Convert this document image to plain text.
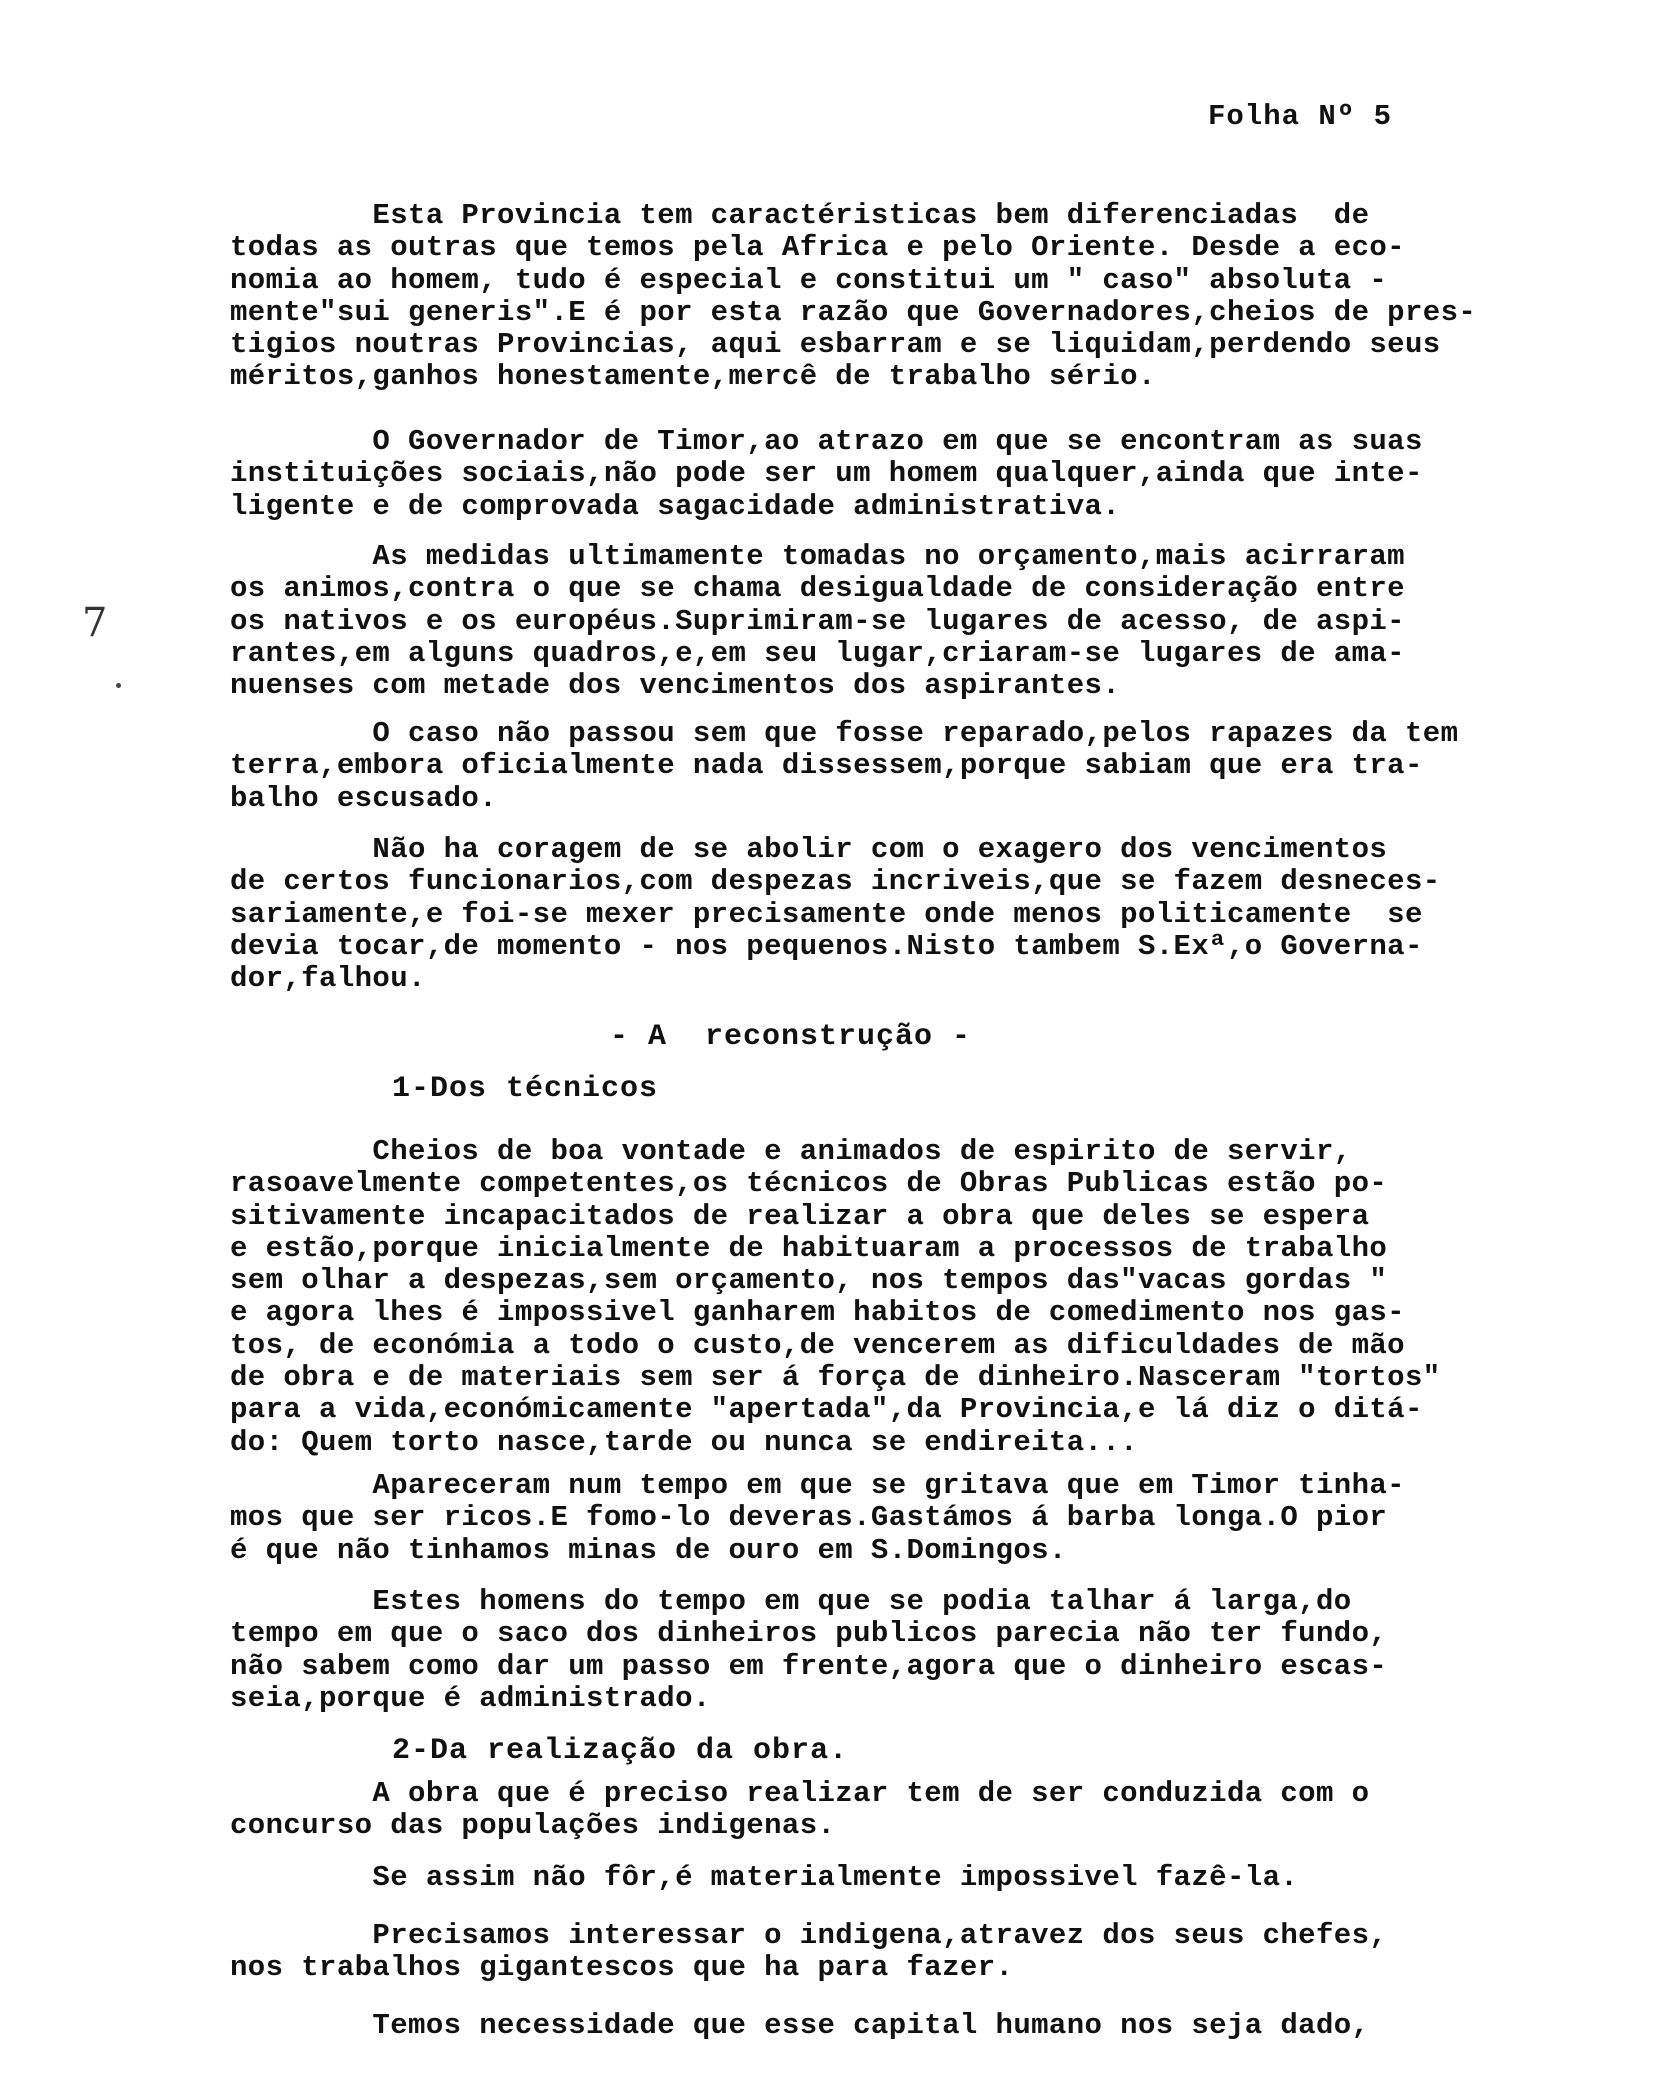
Folha Nº 5
7
Esta Provincia tem caractéristicas bem diferenciadas  de
todas as outras que temos pela Africa e pelo Oriente. Desde a eco-
nomia ao homem, tudo é especial e constitui um " caso" absoluta -
mente"sui generis".E é por esta razão que Governadores,cheios de pres-
tigios noutras Provincias, aqui esbarram e se liquidam,perdendo seus
méritos,ganhos honestamente,mercê de trabalho sério.
O Governador de Timor,ao atrazo em que se encontram as suas
instituições sociais,não pode ser um homem qualquer,ainda que inte-
ligente e de comprovada sagacidade administrativa.
As medidas ultimamente tomadas no orçamento,mais acirraram
os animos,contra o que se chama desigualdade de consideração entre
os nativos e os européus.Suprimiram-se lugares de acesso, de aspi-
rantes,em alguns quadros,e,em seu lugar,criaram-se lugares de ama-
nuenses com metade dos vencimentos dos aspirantes.
O caso não passou sem que fosse reparado,pelos rapazes da tem
terra,embora oficialmente nada dissessem,porque sabiam que era tra-
balho escusado.
Não ha coragem de se abolir com o exagero dos vencimentos
de certos funcionarios,com despezas incriveis,que se fazem desneces-
sariamente,e foi-se mexer precisamente onde menos politicamente  se
devia tocar,de momento - nos pequenos.Nisto tambem S.Exª,o Governa-
dor,falhou.
- A  reconstrução -
1-Dos técnicos
Cheios de boa vontade e animados de espirito de servir,
rasoavelmente competentes,os técnicos de Obras Publicas estão po-
sitivamente incapacitados de realizar a obra que deles se espera
e estão,porque inicialmente de habituaram a processos de trabalho
sem olhar a despezas,sem orçamento, nos tempos das"vacas gordas "
e agora lhes é impossivel ganharem habitos de comedimento nos gas-
tos, de económia a todo o custo,de vencerem as dificuldades de mão
de obra e de materiais sem ser á força de dinheiro.Nasceram "tortos"
para a vida,económicamente "apertada",da Provincia,e lá diz o ditá-
do: Quem torto nasce,tarde ou nunca se endireita...
Apareceram num tempo em que se gritava que em Timor tinha-
mos que ser ricos.E fomo-lo deveras.Gastámos á barba longa.O pior
é que não tinhamos minas de ouro em S.Domingos.
Estes homens do tempo em que se podia talhar á larga,do
tempo em que o saco dos dinheiros publicos parecia não ter fundo,
não sabem como dar um passo em frente,agora que o dinheiro escas-
seia,porque é administrado.
2-Da realização da obra.
A obra que é preciso realizar tem de ser conduzida com o
concurso das populações indigenas.
Se assim não fôr,é materialmente impossivel fazê-la.
Precisamos interessar o indigena,atravez dos seus chefes,
nos trabalhos gigantescos que ha para fazer.
Temos necessidade que esse capital humano nos seja dado,
